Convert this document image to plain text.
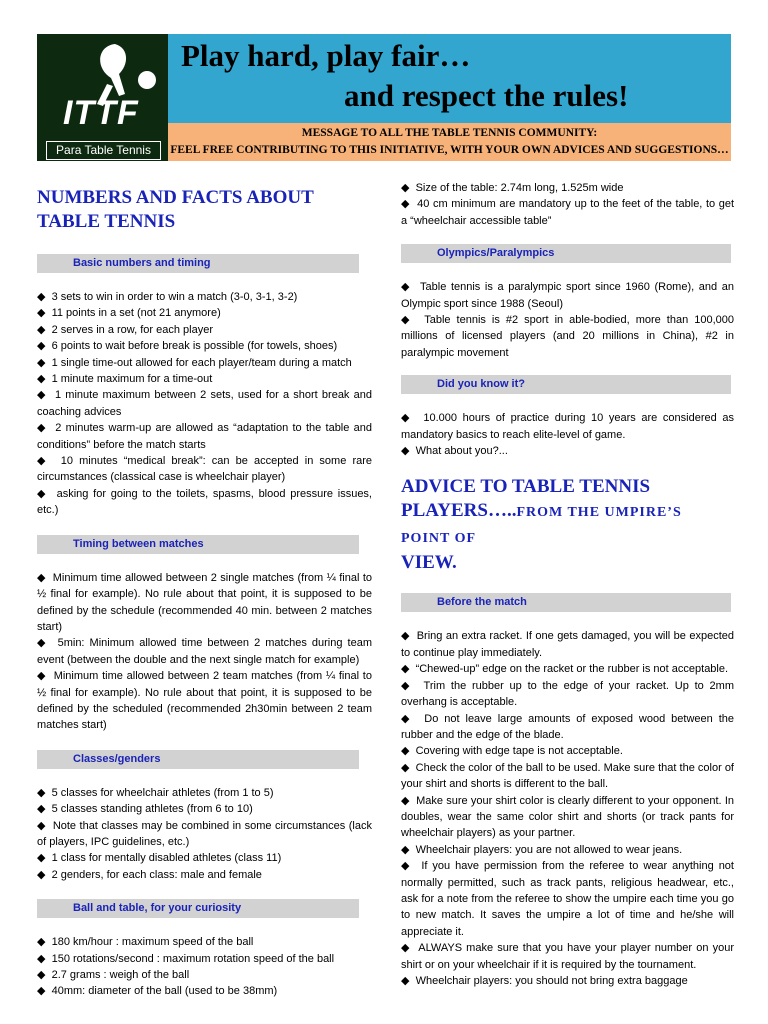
ITTF
Para Table Tennis
Play hard, play fair…
and respect the rules!
MESSAGE TO ALL THE TABLE TENNIS COMMUNITY:
FEEL FREE CONTRIBUTING TO THIS INITIATIVE, WITH YOUR OWN ADVICES AND SUGGESTIONS…
NUMBERS AND FACTS ABOUT TABLE TENNIS
Basic numbers and timing
◆  3 sets to win in order to win a match (3-0, 3-1, 3-2)
◆  11 points in a set (not 21 anymore)
◆  2 serves in a row, for each player
◆  6 points to wait before break is possible (for towels, shoes)
◆  1 single time-out allowed for each player/team during a match
◆  1 minute maximum for a time-out
◆  1 minute maximum between 2 sets, used for a short break and coaching advices
◆  2 minutes warm-up are allowed as “adaptation to the table and conditions” before the match starts
◆  10 minutes “medical break”: can be accepted in some rare circumstances (classical case is wheelchair player)
◆  asking for going to the toilets, spasms, blood pressure issues, etc.)
Timing between matches
◆  Minimum time allowed between 2 single matches (from ¼ final to ½ final for example). No rule about that point, it is supposed to be defined by the schedule (recommended 40 min. between 2 matches start)
◆  5min: Minimum allowed time between 2 matches during team event (between the double and the next single match for example)
◆  Minimum time allowed between 2 team matches (from ¼ final to ½ final for example). No rule about that point, it is supposed to be defined by the scheduled (recommended 2h30min between 2 team matches start)
Classes/genders
◆  5 classes for wheelchair athletes (from 1 to 5)
◆  5 classes standing athletes (from 6 to 10)
◆  Note that classes may be combined in some circumstances (lack of players, IPC guidelines, etc.)
◆  1 class for mentally disabled athletes (class 11)
◆  2 genders, for each class: male and female
Ball and table, for your curiosity
◆  180 km/hour : maximum speed of the ball
◆  150 rotations/second : maximum rotation speed of the ball
◆  2.7 grams : weigh of the ball
◆  40mm: diameter of the ball (used to be 38mm)
◆  Size of the table: 2.74m long, 1.525m wide
◆  40 cm minimum are mandatory up to the feet of the table, to get a “wheelchair accessible table”
Olympics/Paralympics
◆  Table tennis is a paralympic sport since 1960 (Rome), and an Olympic sport since 1988 (Seoul)
◆  Table tennis is #2 sport in able-bodied, more than 100,000 millions of licensed players (and 20 millions in China), #2 in paralympic movement
Did you know it?
◆  10.000 hours of practice during 10 years are considered as mandatory basics to reach elite-level of game.
◆  What about you?...
ADVICE TO TABLE TENNIS PLAYERS…..FROM THE UMPIRE’S POINT OF
VIEW.
Before the match
◆  Bring an extra racket. If one gets damaged, you will be expected to continue play immediately.
◆  “Chewed-up” edge on the racket or the rubber is not acceptable.
◆  Trim the rubber up to the edge of your racket. Up to 2mm overhang is acceptable.
◆  Do not leave large amounts of exposed wood between the rubber and the edge of the blade.
◆  Covering with edge tape is not acceptable.
◆  Check the color of the ball to be used. Make sure that the color of your shirt and shorts is different to the ball.
◆  Make sure your shirt color is clearly different to your opponent. In doubles, wear the same color shirt and shorts (or track pants for wheelchair players) as your partner.
◆  Wheelchair players: you are not allowed to wear jeans.
◆  If you have permission from the referee to wear anything not normally permitted, such as track pants, religious headwear, etc., ask for a note from the referee to show the umpire each time you go to new match. It saves the umpire a lot of time and he/she will appreciate it.
◆  ALWAYS make sure that you have your player number on your shirt or on your wheelchair if it is required by the tournament.
◆  Wheelchair players: you should not bring extra baggage
